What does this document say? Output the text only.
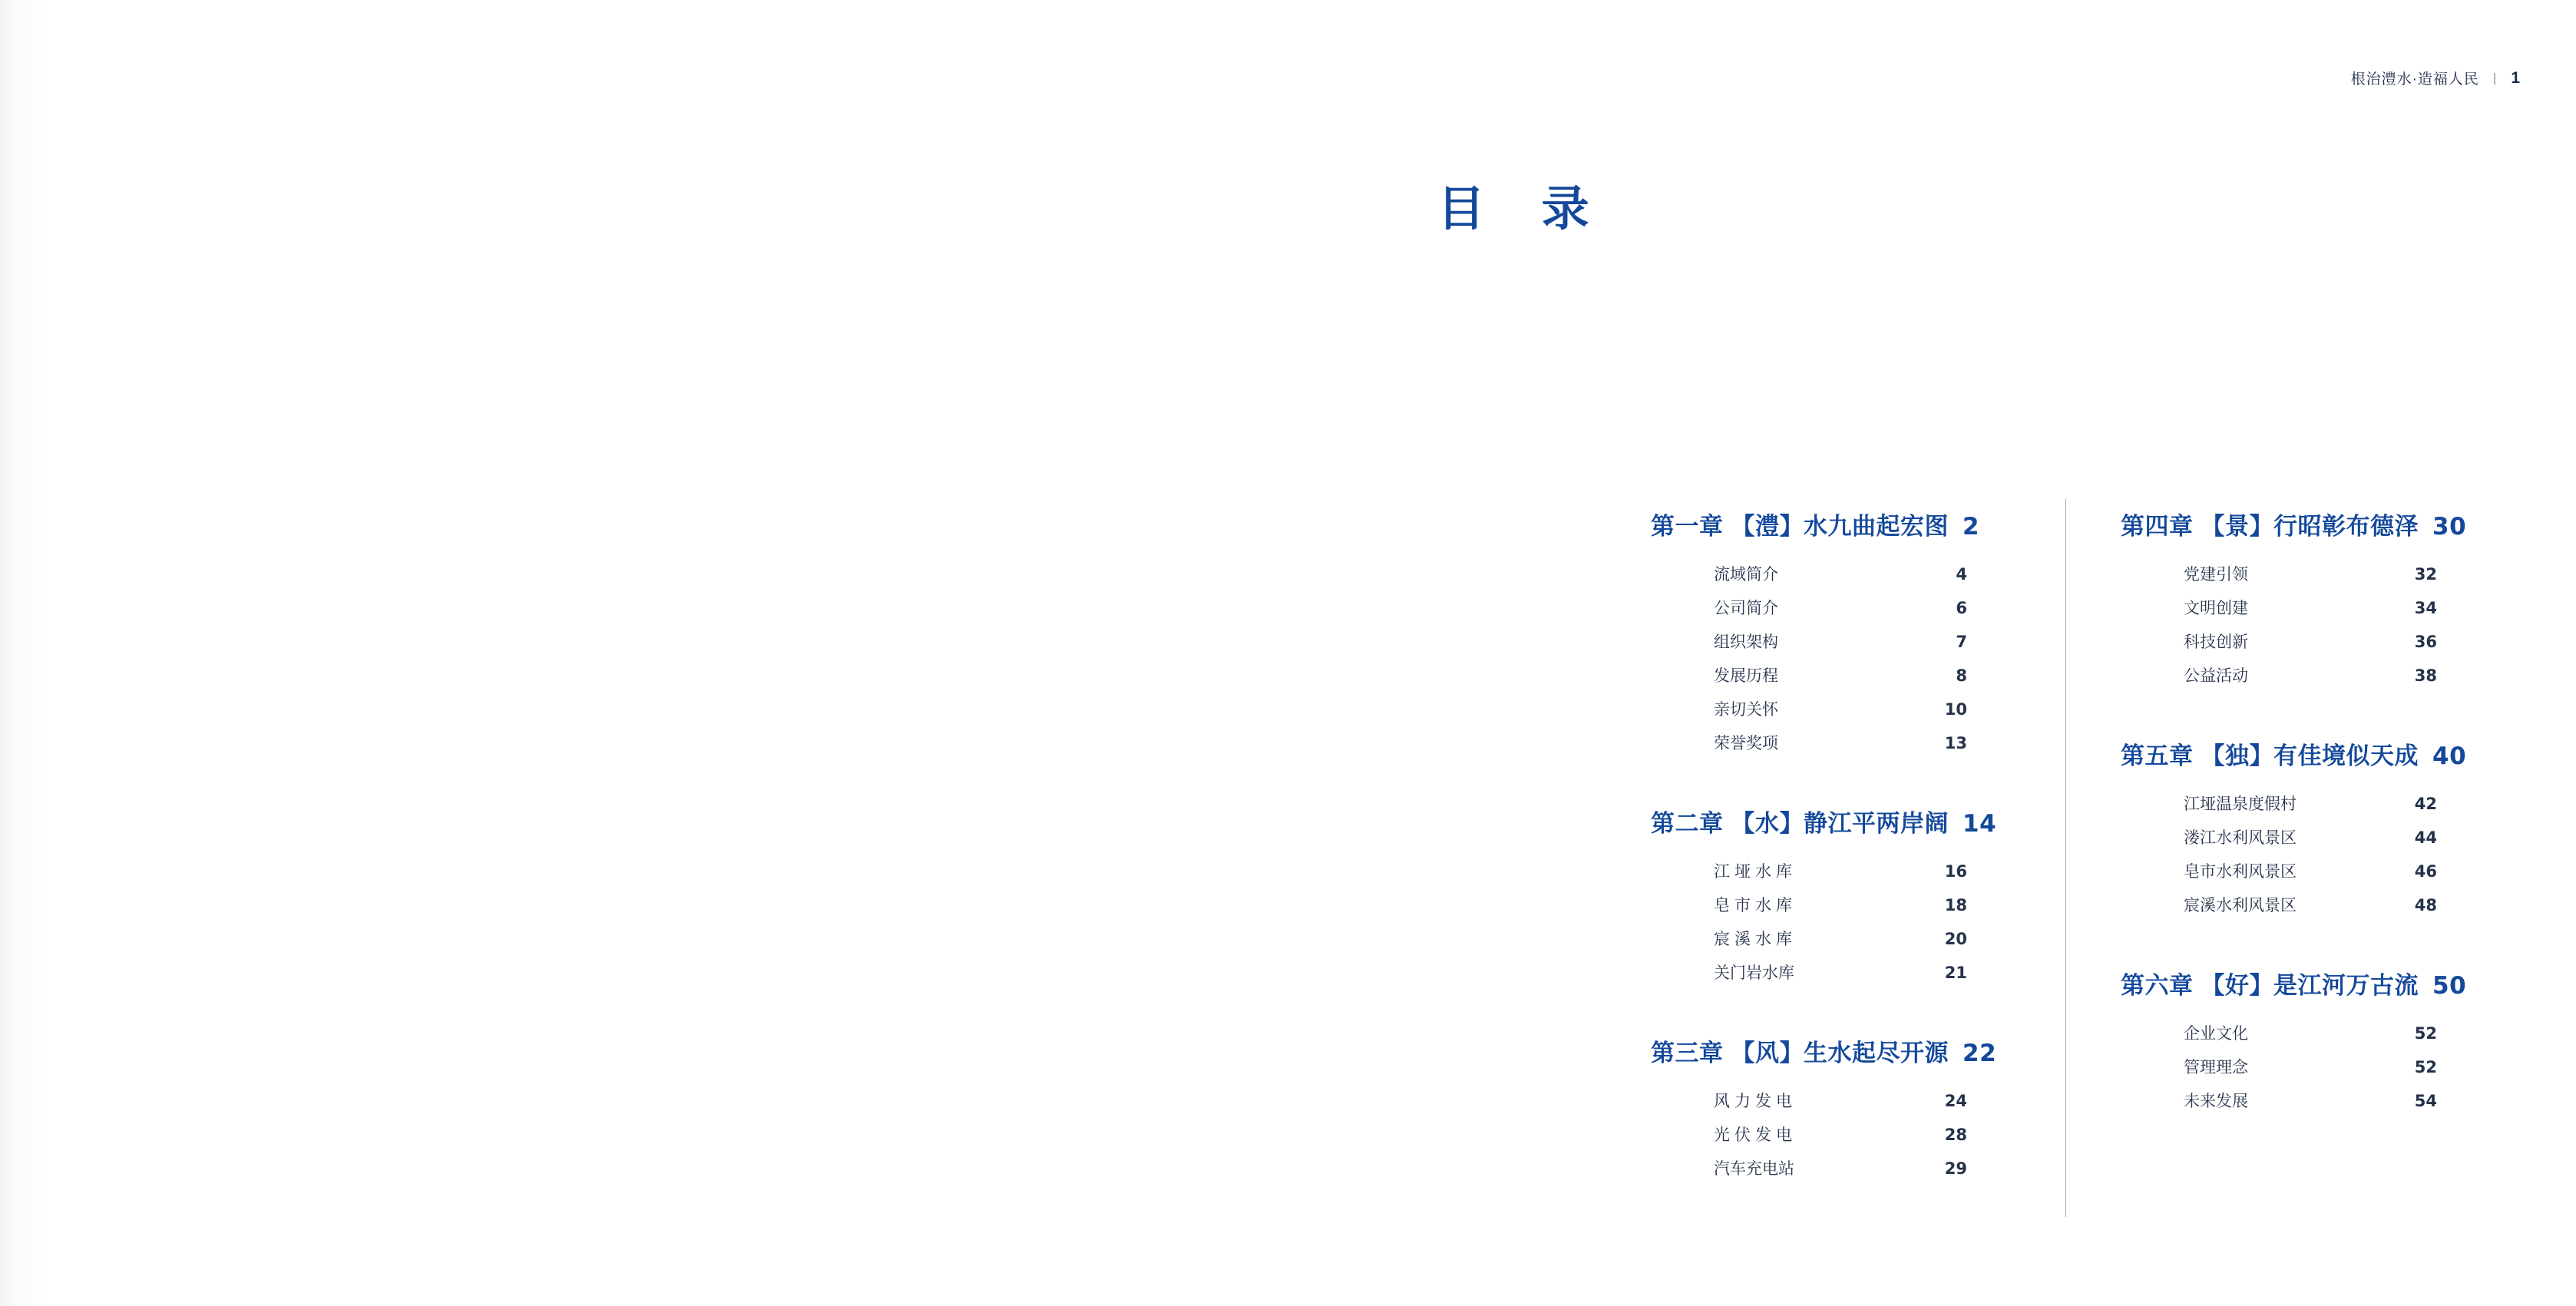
根治澧水·造福人民 | 1
目 录
第一章 【澧】水九曲起宏图 2
流域简介	4
公司简介	6
组织架构	7
发展历程	8
亲切关怀	10
荣誉奖项	13
第二章 【水】静江平两岸阔 14
江垭水库	16
皂市水库	18
宸溪水库	20
关门岩水库	21
第三章 【风】生水起尽开源 22
风力发电	24
光伏发电	28
汽车充电站	29
第四章 【景】行昭彰布德泽 30
党建引领	32
文明创建	34
科技创新	36
公益活动	38
第五章 【独】有佳境似天成 40
江垭温泉度假村	42
溇江水利风景区	44
皂市水利风景区	46
宸溪水利风景区	48
第六章 【好】是江河万古流 50
企业文化	52
管理理念	52
未来发展	54
